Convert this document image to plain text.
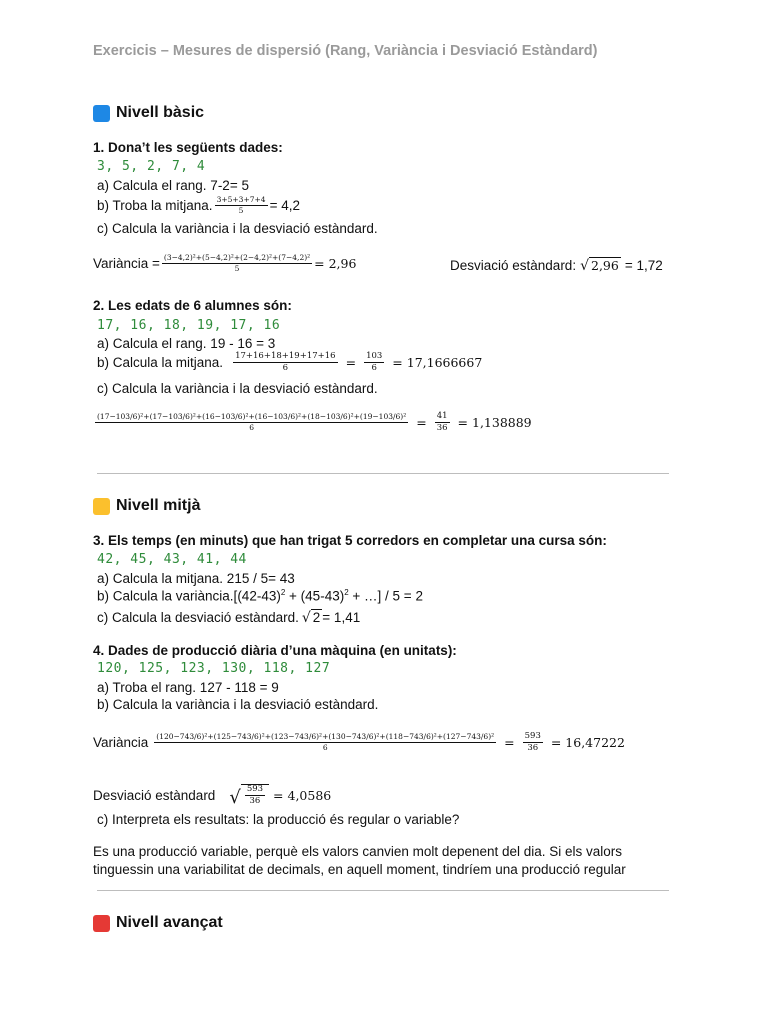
Exercicis – Mesures de dispersió (Rang, Variància i Desviació Estàndard)
Nivell bàsic
1. Dona’t les següents dades:
3, 5, 2, 7, 4
a) Calcula el rang. 7-2= 5
b) Troba la mitjana. $\frac{3+5+3+7+4}{5} = 4,2$
c) Calcula la variància i la desviació estàndard.
Variància = $\frac{\text{(3−4,2)²+(5−4,2)²+(2−4,2)²+(7−4,2)²}}{5} = 2,96$	Desviació estàndard: √ 2,96 = 1,72
2. Les edats de 6 alumnes són:
17, 16, 18, 19, 17, 16
a) Calcula el rang. 19 - 16 = 3
b) Calcula la mitjana. $\frac{17+16+18+19+17+16}{6} = \frac{103}{6} = 17,1666667$
c) Calcula la variància i la desviació estàndard.
(17−103/6)²+(17−103/6)²+(16−103/6)²+(16−103/6)²+(18−103/6)²+(19−103/6)²
6	= $\frac{41}{36} = 1,138889$
Nivell mitjà
3. Els temps (en minuts) que han trigat 5 corredors en completar una cursa són:
42, 45, 43, 41, 44
a) Calcula la mitjana. 215 / 5= 43
b) Calcula la $variància.[(42-43)^2 + (45-43)^2$ + …] / 5 = 2
c) Calcula la desviació estàndard. √ 2 = 1,41
4. Dades de producció diària d’una màquina (en unitats):
120, 125, 123, 130, 118, 127
a) Troba el rang. 127 - 118 = 9
b) Calcula la variància i la desviació estàndard.
Variància (120−743/6)²+(125−743/6)²+(123−743/6)²+(130−743/6)²+(118−743/6)²+(127−743/6)²
6	= $\frac{593}{36} = 16,47222$
Desviació estàndard √ $\frac{593}{36} = 4,0586$
c) Interpreta els resultats: la producció és regular o variable?
Es una producció variable, perquè els valors canvien molt depenent del dia. Si els valors
tinguessin una variabilitat de decimals, en aquell moment, tindríem una producció regular
Nivell avançat
